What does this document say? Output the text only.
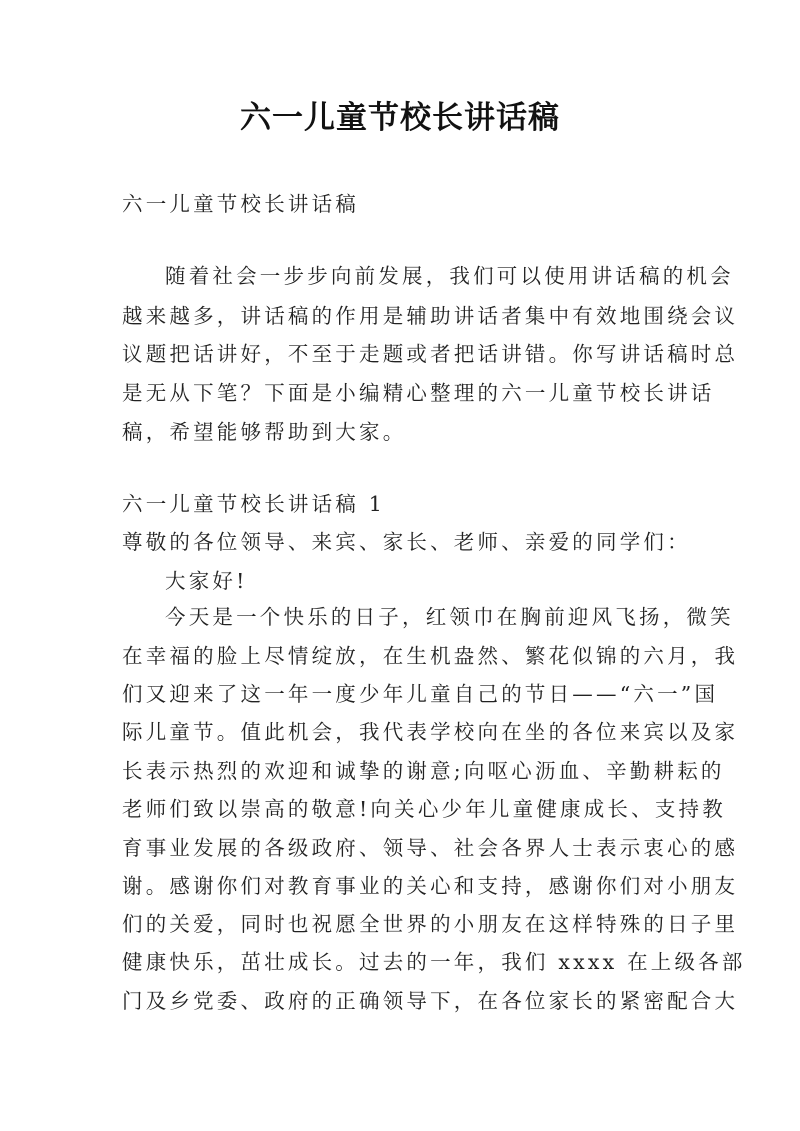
六一儿童节校长讲话稿
六一儿童节校长讲话稿
随着社会一步步向前发展，我们可以使用讲话稿的机会
越来越多，讲话稿的作用是辅助讲话者集中有效地围绕会议
议题把话讲好，不至于走题或者把话讲错。你写讲话稿时总
是无从下笔？下面是小编精心整理的六一儿童节校长讲话
稿，希望能够帮助到大家。
六一儿童节校长讲话稿 1
尊敬的各位领导、来宾、家长、老师、亲爱的同学们：
大家好!
今天是一个快乐的日子，红领巾在胸前迎风飞扬，微笑
在幸福的脸上尽情绽放，在生机盎然、繁花似锦的六月，我
们又迎来了这一年一度少年儿童自己的节日——“六一”国
际儿童节。值此机会，我代表学校向在坐的各位来宾以及家
长表示热烈的欢迎和诚挚的谢意;向呕心沥血、辛勤耕耘的
老师们致以崇高的敬意!向关心少年儿童健康成长、支持教
育事业发展的各级政府、领导、社会各界人士表示衷心的感
谢。感谢你们对教育事业的关心和支持，感谢你们对小朋友
们的关爱，同时也祝愿全世界的小朋友在这样特殊的日子里
健康快乐，茁壮成长。过去的一年，我们 xxxx 在上级各部
门及乡党委、政府的正确领导下，在各位家长的紧密配合大
